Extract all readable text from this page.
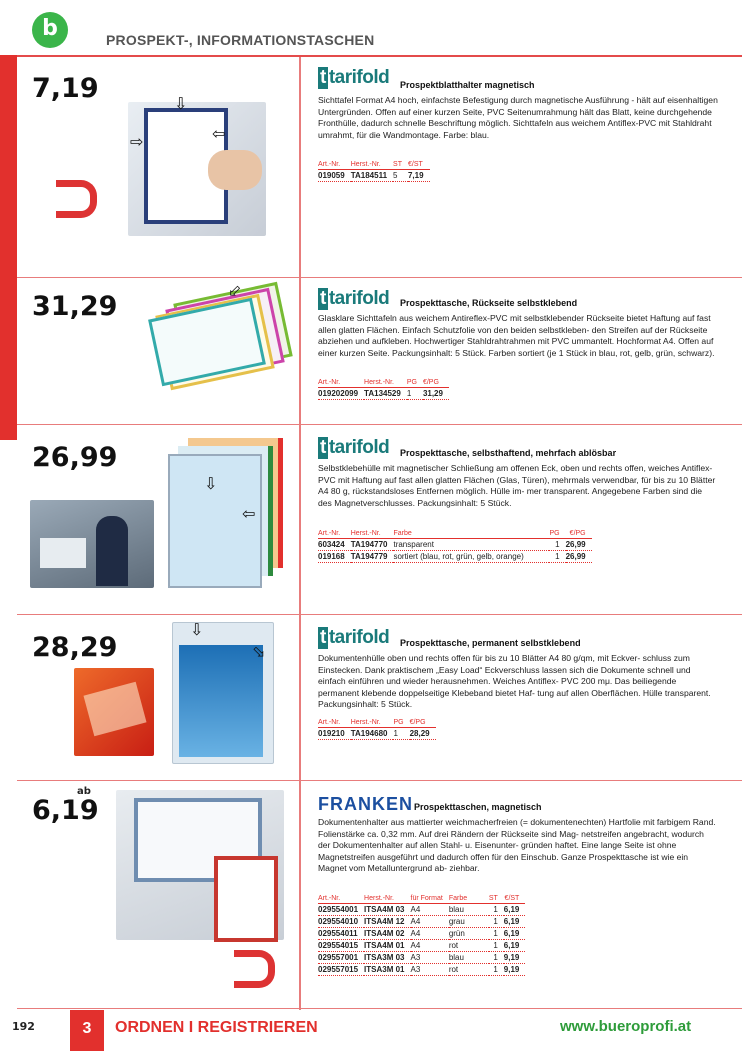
b	PROSPEKT-, INFORMATIONSTASCHEN
7,19	⇩
⇨	⇦
t tarifold Prospektblatthalter magnetisch
Sichttafel Format A4 hoch, einfachste Befestigung durch magnetische Ausführung - hält auf eisenhaltigen Untergründen. Offen auf einer kurzen Seite, PVC Seitenumrahmung hält das Blatt, keine durchgehende Fronthülle, dadurch schnelle Beschriftung möglich. Sichttafeln aus weichem Antiflex-PVC mit Stahldraht umrahmt, für die Wandmontage. Farbe: blau.
Art.-Nr.	Herst.-Nr.	ST	€/ST
019059	TA184511	5	7,19
31,29
⬃	t tarifold Prospekttasche, Rückseite selbstklebend
Glasklare Sichttafeln aus weichem Antireflex-PVC mit selbstklebender Rückseite bietet Haftung auf fast allen glatten Flächen. Einfach Schutzfolie von den beiden selbstkleben- den Streifen auf der Rückseite abziehen und aufkleben. Hochwertiger Stahldrahtrahmen mit PVC ummantelt. Hochformat A4. Offen auf einer kurzen Seite. Packungsinhalt: 5 Stück. Farben sortiert (je 1 Stück in blau, rot, gelb, grün, schwarz).
Art.-Nr.	Herst.-Nr.	PG	€/PG
019202099	TA134529	1	31,29
26,99
⇩
⇦
t tarifold Prospekttasche, selbsthaftend, mehrfach ablösbar
Selbstklebehülle mit magnetischer Schließung am offenen Eck, oben und rechts offen, weiches Antiflex-PVC mit Haftung auf fast allen glatten Flächen (Glas, Türen), mehrmals verwendbar, für bis zu 10 Blätter A4 80 g, rückstandsloses Entfernen möglich. Hülle im- mer transparent. Angegebene Farben sind die des Magnetverschlusses. Packungsinhalt: 5 Stück.
Art.-Nr.	Herst.-Nr.	Farbe	PG	€/PG
603424	TA194770	transparent	1	26,99
019168	TA194779	sortiert (blau, rot, grün, gelb, orange)	1	26,99
28,29
⇩
⬂
t tarifold Prospekttasche, permanent selbstklebend
Dokumentenhülle oben und rechts offen für bis zu 10 Blätter A4 80 g/qm, mit Eckver- schluss zum Einstecken. Dank praktischem „Easy Load“ Eckverschluss lassen sich die Dokumente schnell und einfach einführen und wieder herausnehmen. Weiches Antiflex- PVC 200 mμ. Das beiliegende permanent klebende doppelseitige Klebeband bietet Haf- tung auf allen Oberflächen. Hülle transparent. Packungsinhalt: 5 Stück.
Art.-Nr.	Herst.-Nr.	PG	€/PG
019210	TA194680	1	28,29
ab
6,19	FRANKEN Prospekttaschen, magnetisch
Dokumentenhalter aus mattierter weichmacherfreien (= dokumentenechten) Hartfolie mit farbigem Rand. Folienstärke ca. 0,32 mm. Auf drei Rändern der Rückseite sind Mag- netstreifen angebracht, wodurch der Dokumentenhalter auf allen Stahl- u. Eisenunter- gründen haftet. Eine lange Seite ist ohne Magnetstreifen ausgeführt und dadurch offen für den Einschub. Ganze Prospekttasche ist wie ein Magnet vom Metalluntergrund ab- ziehbar.
Art.-Nr.	Herst.-Nr.	für Format	Farbe	ST	€/ST
029554001	ITSA4M 03	A4	blau	1	6,19
029554010	ITSA4M 12	A4	grau	1	6,19
029554011	ITSA4M 02	A4	grün	1	6,19
029554015	ITSA4M 01	A4	rot	1	6,19
029557001	ITSA3M 03	A3	blau	1	9,19
029557015	ITSA3M 01	A3	rot	1	9,19
192	3	ORDNEN I REGISTRIEREN	www.bueroprofi.at
